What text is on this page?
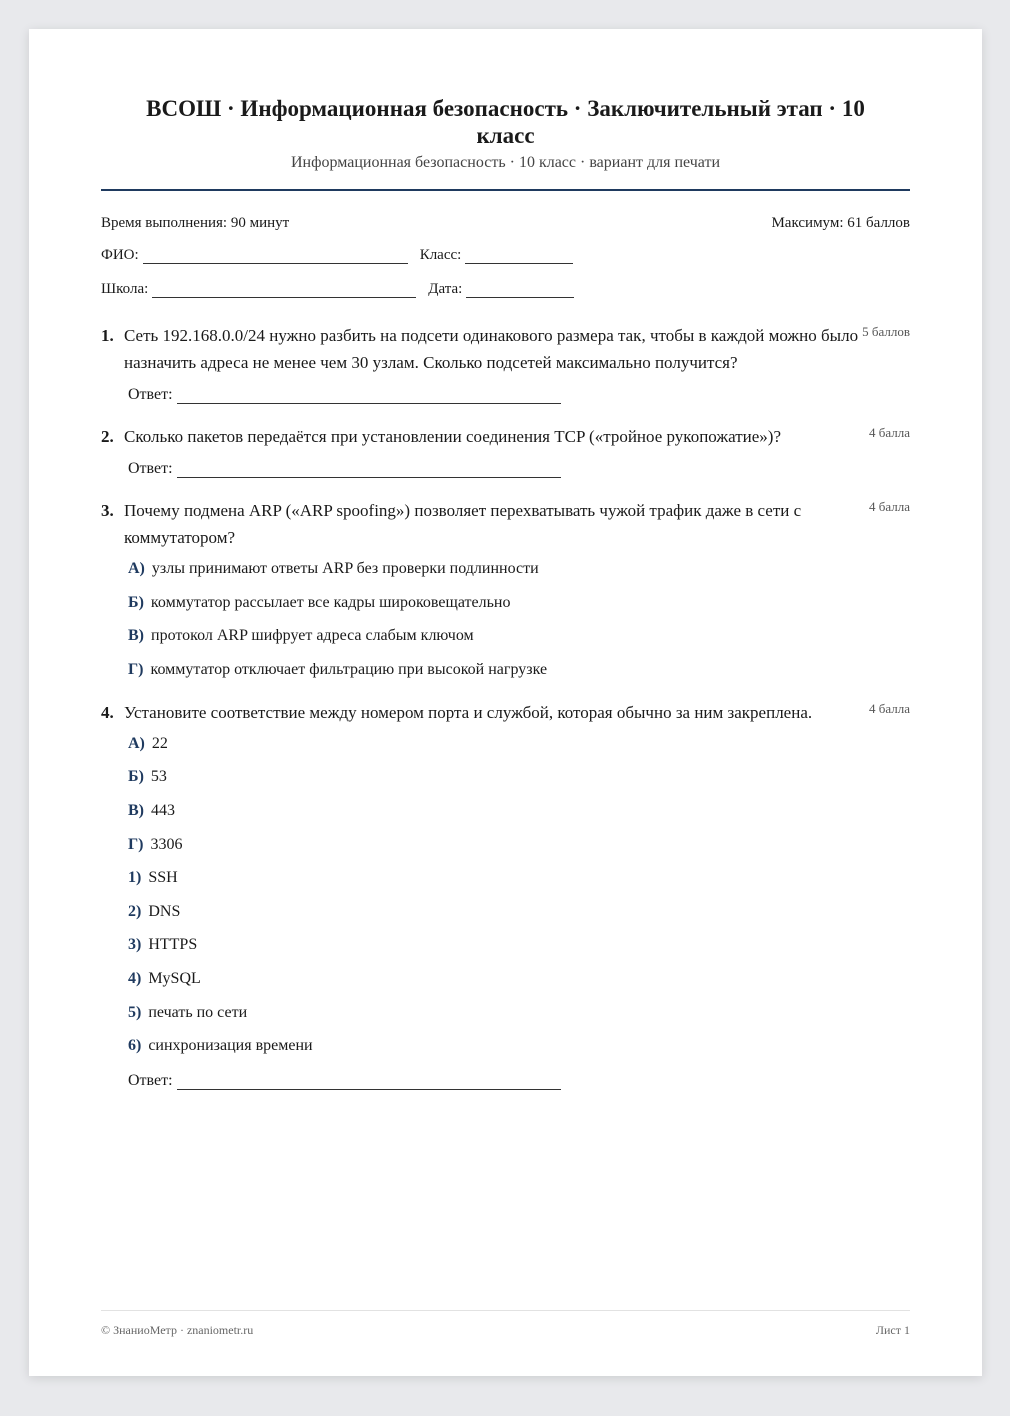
ВСОШ · Информационная безопасность · Заключительный этап · 10 класс
Информационная безопасность · 10 класс · вариант для печати
Время выполнения: 90 минут	Максимум: 61 баллов
ФИО:	Класс:
Школа:	Дата:
1. Сеть 192.168.0.0/24 нужно разбить на подсети одинакового размера так, чтобы в каждой можно было назначить адреса не менее чем 30 узлам. Сколько подсетей максимально получится?
5 баллов
Ответ:
2. Сколько пакетов передаётся при установлении соединения TCP («тройное рукопожатие»)?	4 балла
Ответ:
3. Почему подмена ARP («ARP spoofing») позволяет перехватывать чужой трафик даже в сети с коммутатором?
4 балла
А) узлы принимают ответы ARP без проверки подлинности
Б) коммутатор рассылает все кадры широковещательно
В) протокол ARP шифрует адреса слабым ключом
Г) коммутатор отключает фильтрацию при высокой нагрузке
4. Установите соответствие между номером порта и службой, которая обычно за ним закреплена.	4 балла
А) 22
Б) 53
В) 443
Г) 3306
1) SSH
2) DNS
3) HTTPS
4) MySQL
5) печать по сети
6) синхронизация времени
Ответ:
© ЗнаниоМетр · znaniometr.ru	Лист 1
